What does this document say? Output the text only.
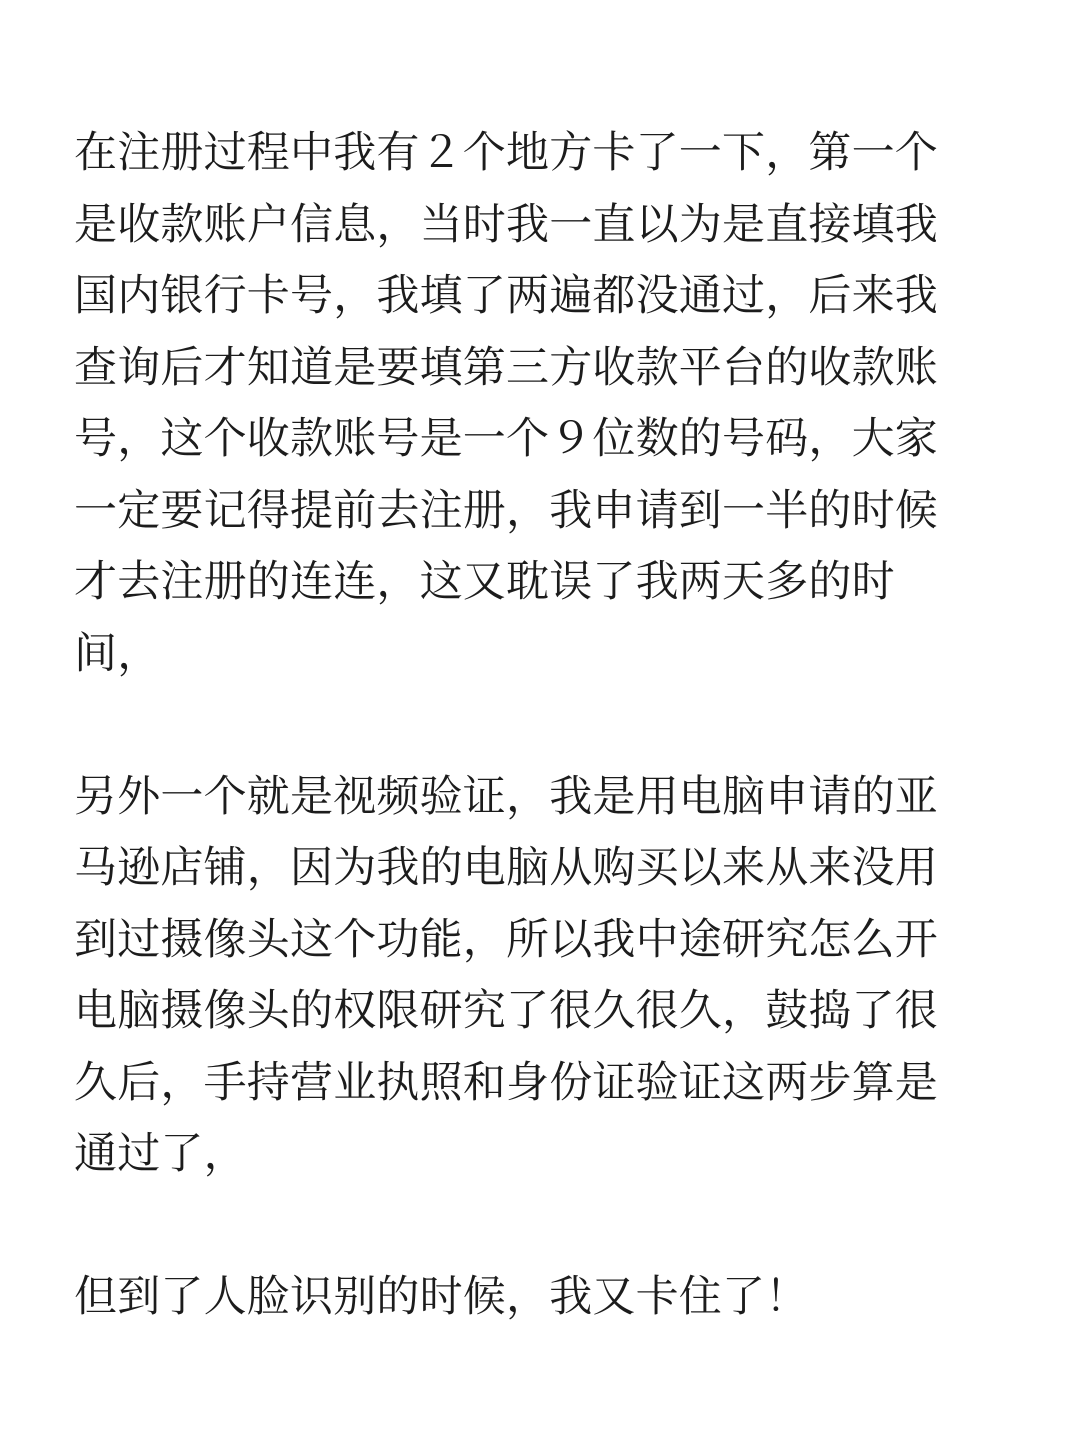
在注册过程中我有２个地方卡了一下，第一个
是收款账户信息，当时我一直以为是直接填我
国内银行卡号，我填了两遍都没通过，后来我
查询后才知道是要填第三方收款平台的收款账
号，这个收款账号是一个９位数的号码，大家
一定要记得提前去注册，我申请到一半的时候
才去注册的连连，这又耽误了我两天多的时
间，
另外一个就是视频验证，我是用电脑申请的亚
马逊店铺，因为我的电脑从购买以来从来没用
到过摄像头这个功能，所以我中途研究怎么开
电脑摄像头的权限研究了很久很久，鼓捣了很
久后，手持营业执照和身份证验证这两步算是
通过了，
但到了人脸识别的时候，我又卡住了！
